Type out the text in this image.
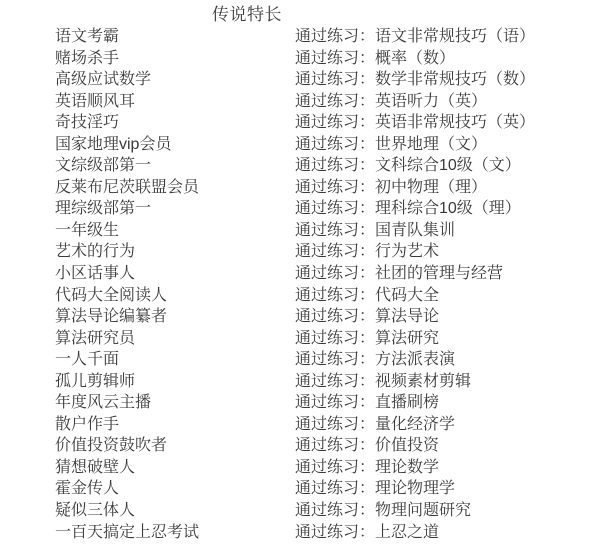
传说特长
语文考霸	通过练习：语文非常规技巧（语）
赌场杀手	通过练习：概率（数）
高级应试数学	通过练习：数学非常规技巧（数）
英语顺风耳	通过练习：英语听力（英）
奇技淫巧	通过练习：英语非常规技巧（英）
国家地理vip会员	通过练习：世界地理（文）
文综级部第一	通过练习：文科综合10级（文）
反莱布尼茨联盟会员	通过练习：初中物理（理）
理综级部第一	通过练习：理科综合10级（理）
一年级生	通过练习：国青队集训
艺术的行为	通过练习：行为艺术
小区话事人	通过练习：社团的管理与经营
代码大全阅读人	通过练习：代码大全
算法导论编纂者	通过练习：算法导论
算法研究员	通过练习：算法研究
一人千面	通过练习：方法派表演
孤儿剪辑师	通过练习：视频素材剪辑
年度风云主播	通过练习：直播刷榜
散户作手	通过练习：量化经济学
价值投资鼓吹者	通过练习：价值投资
猜想破壁人	通过练习：理论数学
霍金传人	通过练习：理论物理学
疑似三体人	通过练习：物理问题研究
一百天搞定上忍考试	通过练习：上忍之道
